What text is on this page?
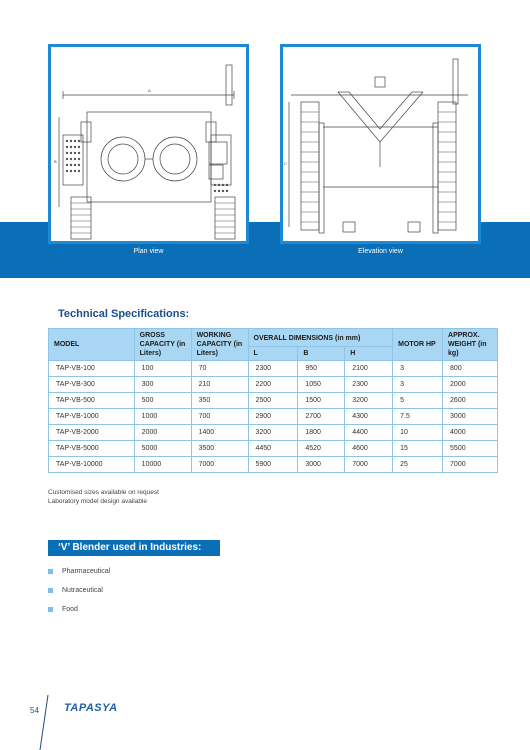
A
B	C
Plan view	Elevation view
Technical Specifications:
MODEL	GROSS CAPACITY (in Liters)	WORKING CAPACITY (in Liters)	OVERALL DIMENSIONS (in mm)			MOTOR HP	APPROX. WEIGHT (in kg)
			L	B	H		
TAP-VB-100	100	70	2300	950	2100	3	800
TAP-VB-300	300	210	2200	1050	2300	3	2000
TAP-VB-500	500	350	2500	1500	3200	5	2600
TAP-VB-1000	1000	700	2900	2700	4300	7.5	3000
TAP-VB-2000	2000	1400	3200	1800	4400	10	4000
TAP-VB-5000	5000	3500	4450	4520	4600	15	5500
TAP-VB-10000	10000	7000	5900	3000	7000	25	7000
Customised sizes available on request
Laboratory model design available
‘V’ Blender used in Industries:
Pharmaceutical
Nutraceutical
Food
54 TAPASYA
